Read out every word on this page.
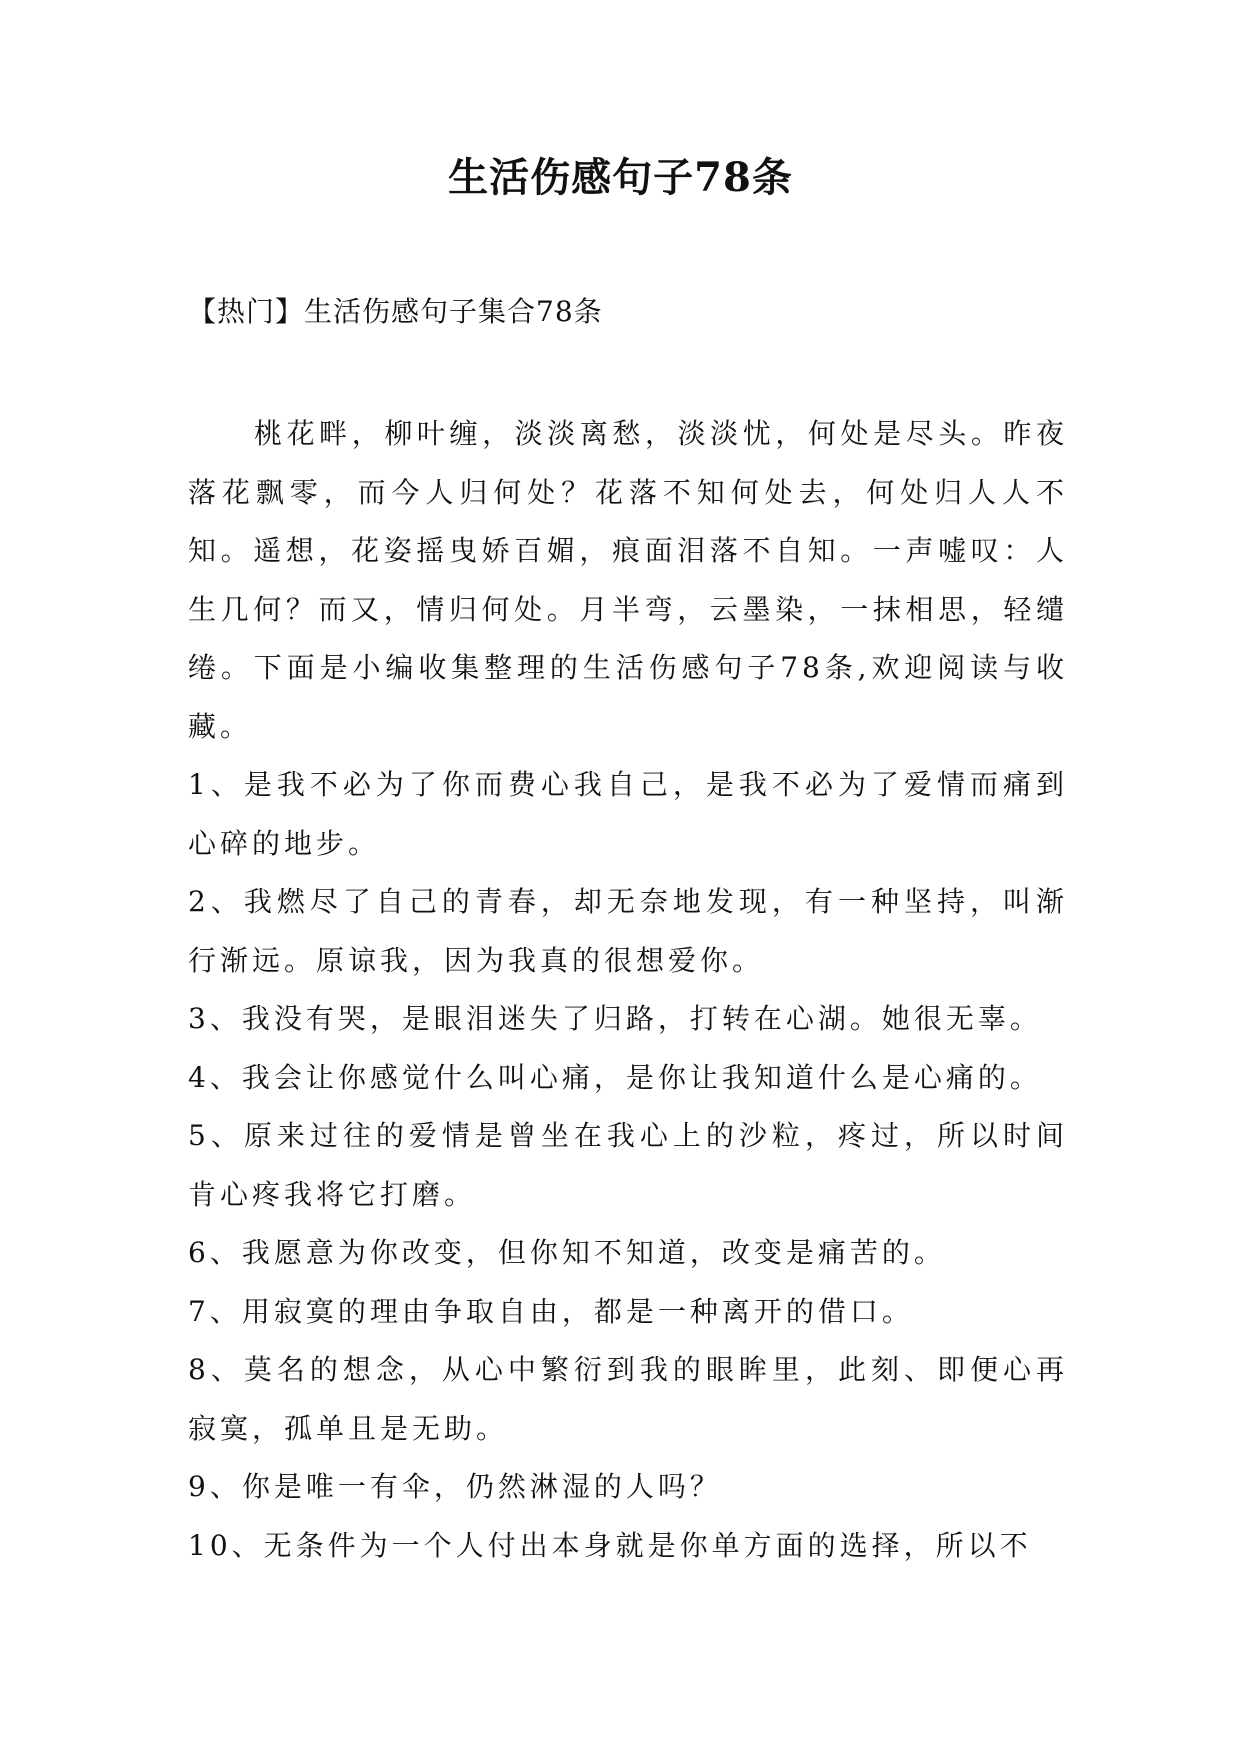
生活伤感句子78条
【热门】生活伤感句子集合78条

桃花畔，柳叶缠，淡淡离愁，淡淡忧，何处是尽头。昨夜落花飘零，而今人归何处？花落不知何处去，何处归人人不知。遥想，花姿摇曳娇百媚，痕面泪落不自知。一声嘘叹：人生几何？而又，情归何处。月半弯，云墨染，一抹相思，轻缱绻。下面是小编收集整理的生活伤感句子78条,欢迎阅读与收藏。

1、是我不必为了你而费心我自己，是我不必为了爱情而痛到心碎的地步。

2、我燃尽了自己的青春，却无奈地发现，有一种坚持，叫渐行渐远。原谅我，因为我真的很想爱你。

3、我没有哭，是眼泪迷失了归路，打转在心湖。她很无辜。

4、我会让你感觉什么叫心痛，是你让我知道什么是心痛的。

5、原来过往的爱情是曾坐在我心上的沙粒，疼过，所以时间肯心疼我将它打磨。

6、我愿意为你改变，但你知不知道，改变是痛苦的。

7、用寂寞的理由争取自由，都是一种离开的借口。

8、莫名的想念，从心中繁衍到我的眼眸里，此刻、即便心再寂寞，孤单且是无助。

9、你是唯一有伞，仍然淋湿的人吗？

10、无条件为一个人付出本身就是你单方面的选择，所以不
